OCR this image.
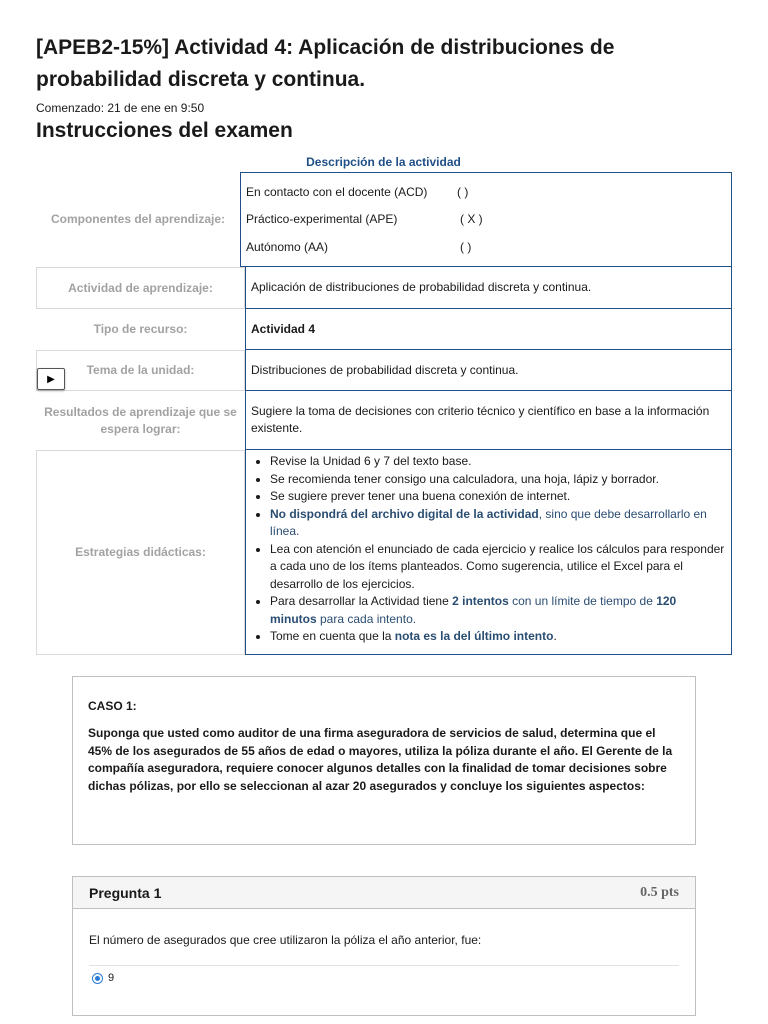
[APEB2-15%] Actividad 4: Aplicación de distribuciones de probabilidad discreta y continua.
Comenzado: 21 de ene en 9:50
Instrucciones del examen
Descripción de la actividad
Componentes del aprendizaje:
En contacto con el docente (ACD) ( )
Práctico-experimental (APE)	( X )
Autónomo (AA)	( )
Actividad de aprendizaje:	Aplicación de distribuciones de probabilidad discreta y continua.
Tipo de recurso:	Actividad 4
Tema de la unidad:
▶
Distribuciones de probabilidad discreta y continua.
Resultados de aprendizaje que se espera lograr:
Sugiere la toma de decisiones con criterio técnico y científico en base a la información existente.
Estrategias didácticas:
• Revise la Unidad 6 y 7 del texto base.
• Se recomienda tener consigo una calculadora, una hoja, lápiz y borrador.
• Se sugiere prever tener una buena conexión de internet.
• No dispondrá del archivo digital de la actividad, sino que debe desarrollarlo en línea.
• Lea con atención el enunciado de cada ejercicio y realice los cálculos para responder a cada uno de los ítems planteados. Como sugerencia, utilice el Excel para el desarrollo de los ejercicios.
• Para desarrollar la Actividad tiene 2 intentos con un límite de tiempo de 120 minutos para cada intento.
• Tome en cuenta que la nota es la del último intento.
CASO 1:
Suponga que usted como auditor de una firma aseguradora de servicios de salud, determina que el 45% de los asegurados de 55 años de edad o mayores, utiliza la póliza durante el año. El Gerente de la compañía aseguradora, requiere conocer algunos detalles con la finalidad de tomar decisiones sobre dichas pólizas, por ello se seleccionan al azar 20 asegurados y concluye los siguientes aspectos:
Pregunta 1	0.5 pts
El número de asegurados que cree utilizaron la póliza el año anterior, fue:
9
